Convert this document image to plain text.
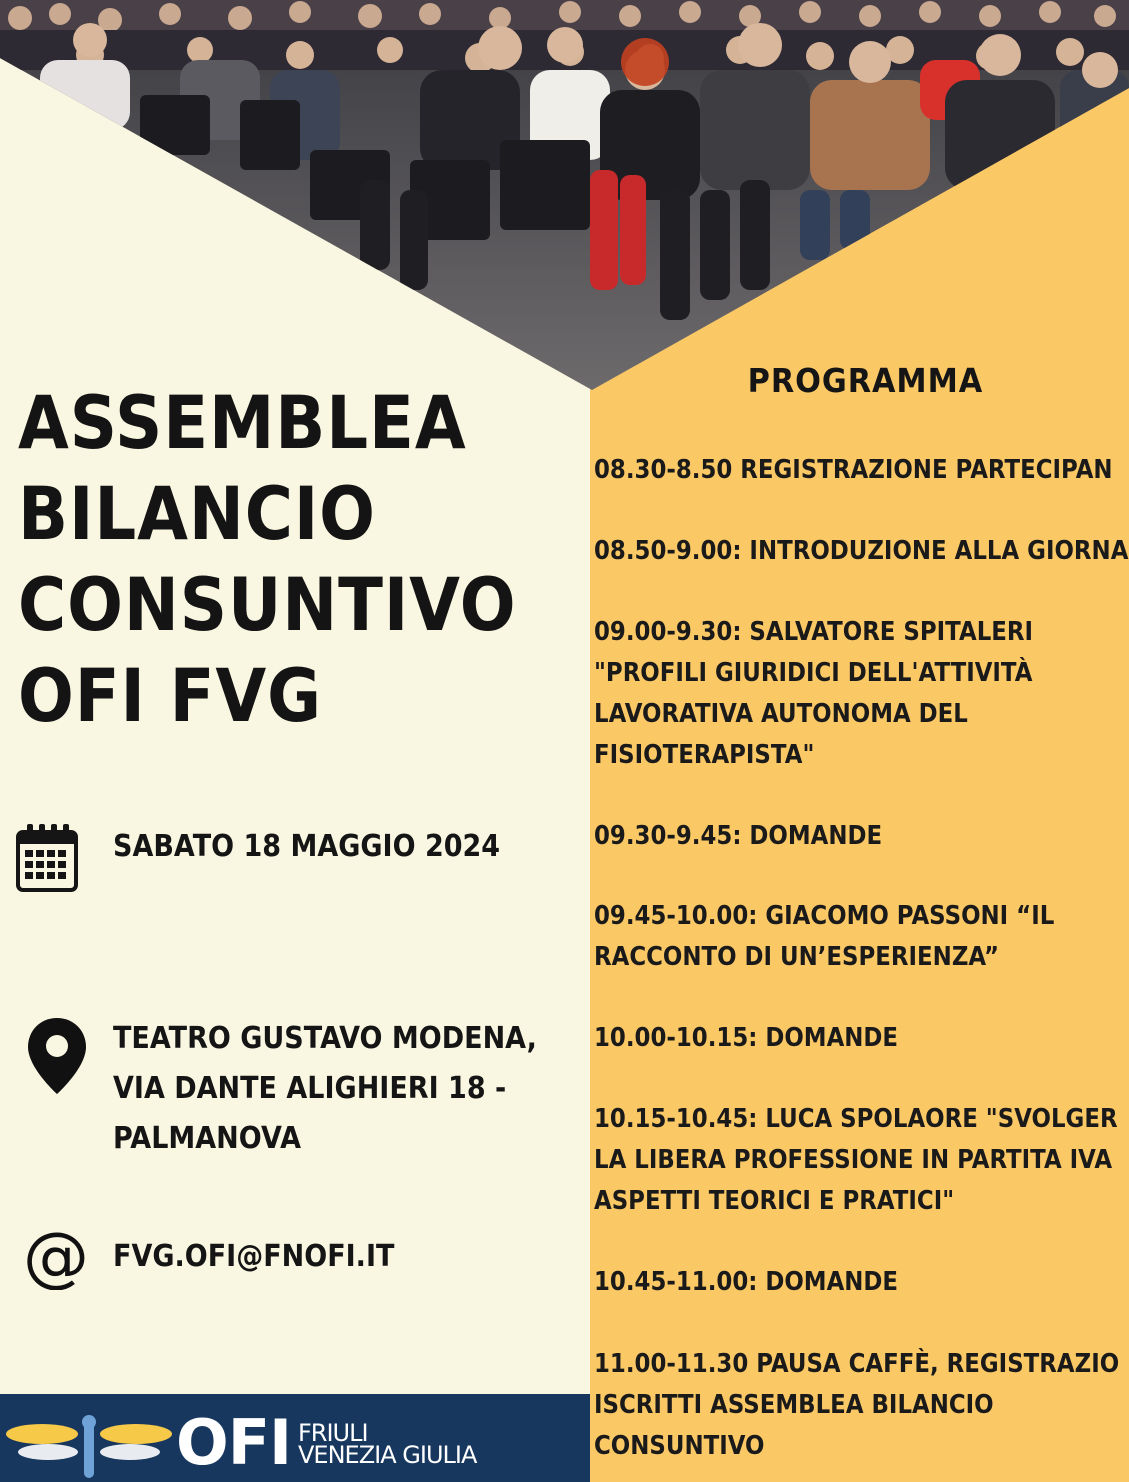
ASSEMBLEA
BILANCIO
CONSUNTIVO
OFI FVG

SABATO 18 MAGGIO 2024

TEATRO GUSTAVO MODENA,
VIA DANTE ALIGHIERI 18 -
PALMANOVA

@ FVG.OFI@FNOFI.IT

PROGRAMMA

08.30-8.50 REGISTRAZIONE PARTECIPAN

08.50-9.00: INTRODUZIONE ALLA GIORNA

09.00-9.30: SALVATORE SPITALERI
"PROFILI GIURIDICI DELL'ATTIVITÀ
LAVORATIVA AUTONOMA DEL
FISIOTERAPISTA"

09.30-9.45: DOMANDE

09.45-10.00: GIACOMO PASSONI “IL
RACCONTO DI UN’ESPERIENZA”

10.00-10.15: DOMANDE

10.15-10.45: LUCA SPOLAORE "SVOLGER
LA LIBERA PROFESSIONE IN PARTITA IVA
ASPETTI TEORICI E PRATICI"

10.45-11.00: DOMANDE

11.00-11.30 PAUSA CAFFÈ, REGISTRAZIO
ISCRITTI ASSEMBLEA BILANCIO
CONSUNTIVO

OFI FRIULI
VENEZIA GIULIA
